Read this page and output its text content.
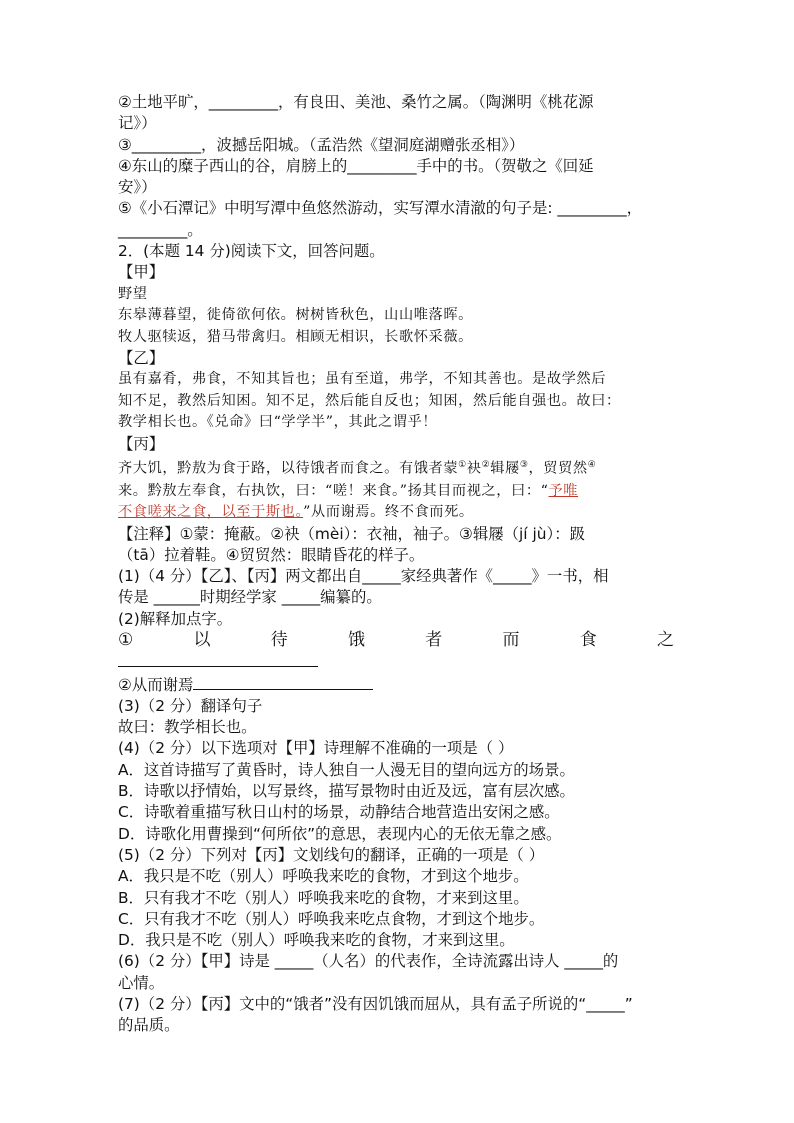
②土地平旷，_________，有良田、美池、桑竹之属。（陶渊明《桃花源
记》）
③_________，波撼岳阳城。（孟浩然《望洞庭湖赠张丞相》）
④东山的糜子西山的谷，肩膀上的_________手中的书。（贺敬之《回延
安》）
⑤《小石潭记》中明写潭中鱼悠然游动，实写潭水清澈的句子是: _________，
_________。
2．(本题 14 分)阅读下文，回答问题。
【甲】
野望
东皋薄暮望，徙倚欲何依。树树皆秋色，山山唯落晖。
牧人驱犊返，猎马带禽归。相顾无相识，长歌怀采薇。
【乙】
虽有嘉肴，弗食，不知其旨也；虽有至道，弗学，不知其善也。是故学然后
知不足，教然后知困。知不足，然后能自反也；知困，然后能自强也。故曰：
教学相长也。《兑命》曰“学学半”，其此之谓乎！
【丙】
齐大饥，黔敖为食于路，以待饿者而食之。有饿者蒙①袂②辑屦③，贸贸然④
来。黔敖左奉食，右执饮，曰：“嗟！来食。”扬其目而视之，曰：“予唯
不食嗟来之食，以至于斯也。”从而谢焉。终不食而死。
【注释】①蒙：掩蔽。②袂（mèi）：衣袖，袖子。③辑屦（jí jù）：趿
（tā）拉着鞋。④贸贸然：眼睛昏花的样子。
(1)（4 分）【乙】、【丙】两文都出自_____家经典著作《_____》一书，相
传是 ______时期经学家 _____编纂的。
(2)解释加点字。
①	以	待	饿	者	而	食	之
②从而谢焉
(3)（2 分）翻译句子
故曰：教学相长也。
(4)（2 分）以下选项对【甲】诗理解不准确的一项是（ ）
A．这首诗描写了黄昏时，诗人独自一人漫无目的望向远方的场景。
B．诗歌以抒情始，以写景终，描写景物时由近及远，富有层次感。
C．诗歌着重描写秋日山村的场景，动静结合地营造出安闲之感。
D．诗歌化用曹操到“何所依”的意思，表现内心的无依无靠之感。
(5)（2 分）下列对【丙】文划线句的翻译，正确的一项是（ ）
A．我只是不吃（别人）呼唤我来吃的食物，才到这个地步。
B．只有我才不吃（别人）呼唤我来吃的食物，才来到这里。
C．只有我才不吃（别人）呼唤我来吃点食物，才到这个地步。
D．我只是不吃（别人）呼唤我来吃的食物，才来到这里。
(6)（2 分）【甲】诗是 _____（人名）的代表作，全诗流露出诗人 _____的
心情。
(7)（2 分）【丙】文中的“饿者”没有因饥饿而屈从，具有孟子所说的“_____”
的品质。
